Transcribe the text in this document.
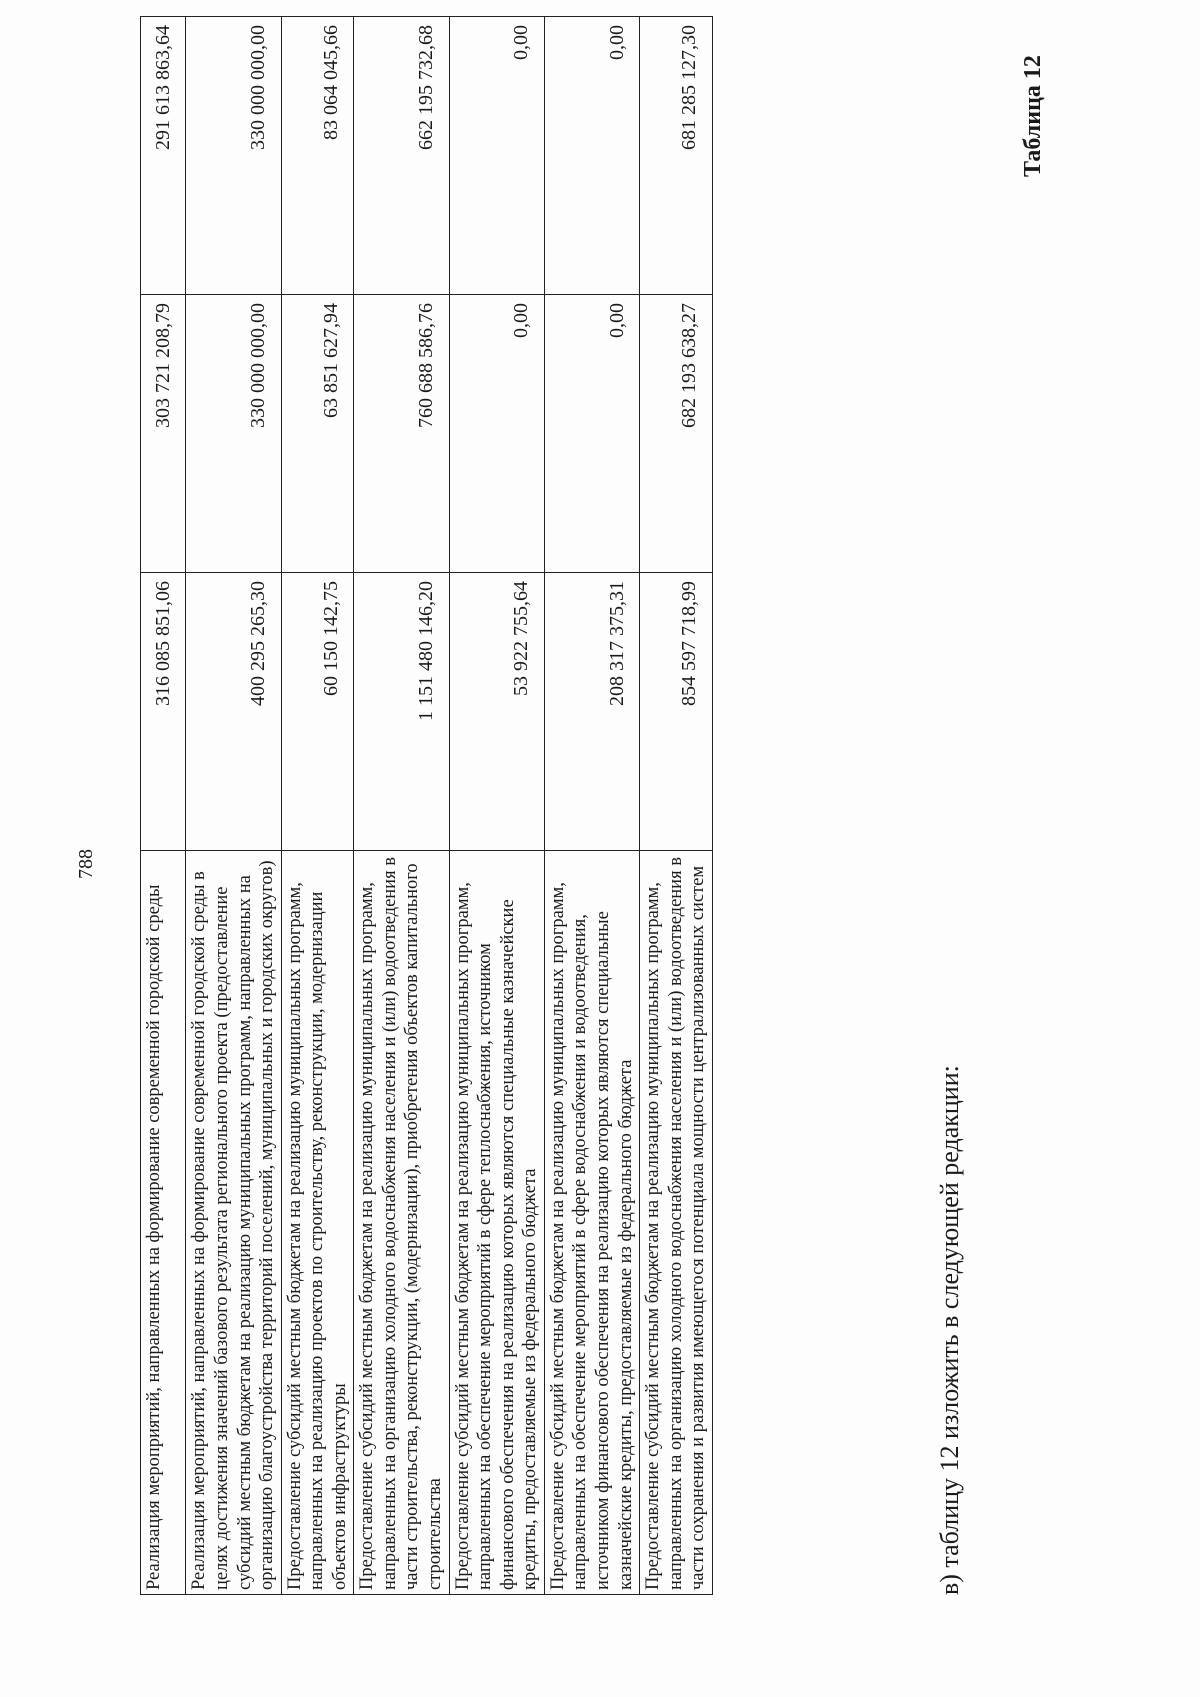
788
Реализация мероприятий, направленных на формирование современной городской среды	316 085 851,06	303 721 208,79	291 613 863,64
Реализация мероприятий, направленных на формирование современной городской среды в целях достижения значений базового результата регионального проекта (предоставление субсидий местным бюджетам на реализацию муниципальных программ, направленных на организацию благоустройства территорий поселений, муниципальных и городских округов)	400 295 265,30	330 000 000,00	330 000 000,00
Предоставление субсидий местным бюджетам на реализацию муниципальных программ, направленных на реализацию проектов по строительству, реконструкции, модернизации объектов инфраструктуры	60 150 142,75	63 851 627,94	83 064 045,66
Предоставление субсидий местным бюджетам на реализацию муниципальных программ, направленных на организацию холодного водоснабжения населения и (или) водоотведения в части строительства, реконструкции, (модернизации), приобретения объектов капитального строительства	1 151 480 146,20	760 688 586,76	662 195 732,68
Предоставление субсидий местным бюджетам на реализацию муниципальных программ, направленных на обеспечение мероприятий в сфере теплоснабжения, источником финансового обеспечения на реализацию которых являются специальные казначейские кредиты, предоставляемые из федерального бюджета	53 922 755,64	0,00	0,00
Предоставление субсидий местным бюджетам на реализацию муниципальных программ, направленных на обеспечение мероприятий в сфере водоснабжения и водоотведения, источником финансового обеспечения на реализацию которых являются специальные казначейские кредиты, предоставляемые из федерального бюджета	208 317 375,31	0,00	0,00
Предоставление субсидий местным бюджетам на реализацию муниципальных программ, направленных на организацию холодного водоснабжения населения и (или) водоотведения в части сохранения и развития имеющегося потенциала мощности централизованных систем	854 597 718,99	682 193 638,27	681 285 127,30
в) таблицу 12 изложить в следующей редакции:
Таблица 12
